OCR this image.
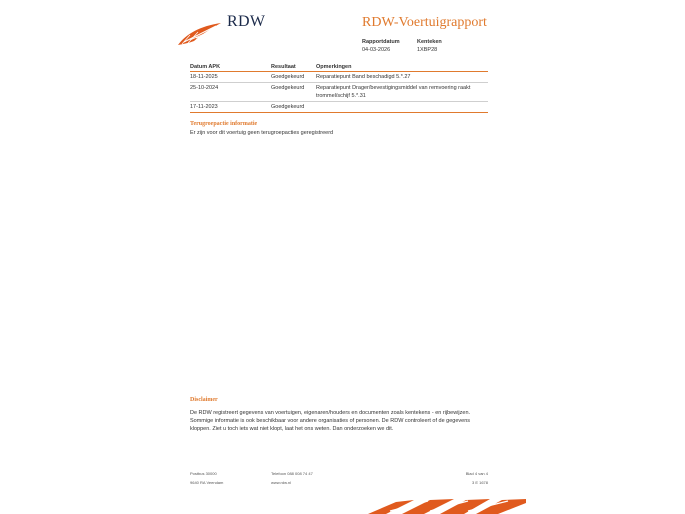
RDW	RDW-Voertuigrapport
Rapportdatum
04-03-2026
Kenteken
1XBP28
Datum APK	Resultaat	Opmerkingen
18-11-2025	Goedgekeurd	Reparatiepunt Band beschadigd 5.*.27
25-10-2024	Goedgekeurd	Reparatiepunt Drager/bevestigingsmiddel van remvoering raakt trommel/schijf 5.*.31
17-11-2023	Goedgekeurd	
Terugroepactie informatie
Er zijn voor dit voertuig geen terugroepacties geregistreerd
Disclaimer
De RDW registreert gegevens van voertuigen, eigenaren/houders en documenten zoals kentekens - en rijbewijzen. Sommige informatie is ook beschikbaar voor andere organisaties of personen. De RDW controleert of de gegevens kloppen. Ziet u toch iets wat niet klopt, laat het ons weten. Dan onderzoeken we dit.
Postbus 30000
9640 RA Veendam
Telefoon 088 008 74 47
www.rdw.nl
Blad 4 van 4
3 E 1678
